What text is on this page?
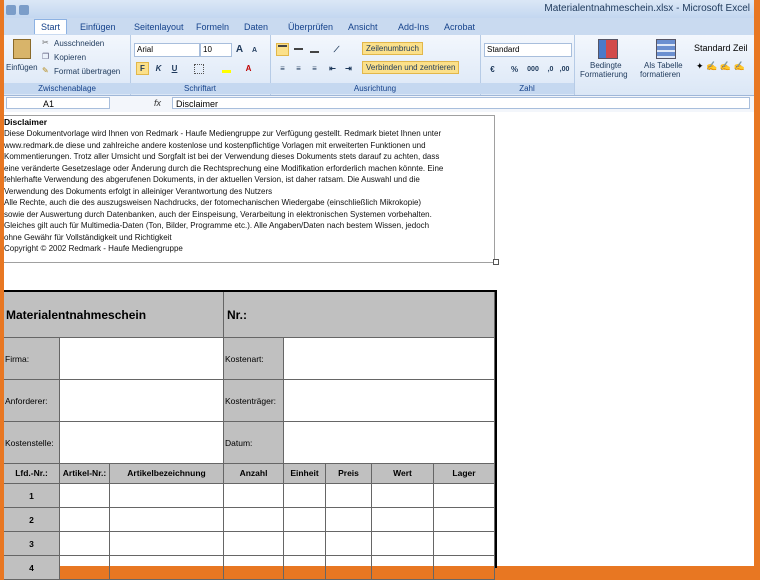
Materialentnahmeschein.xlsx - Microsoft Excel
Start	Einfügen	Seitenlayout	Formeln	Daten	Überprüfen	Ansicht	Add-Ins	Acrobat
Einfügen
✂ Ausschneiden
❐ Kopieren
✎ Format übertragen
Zwischenablage
Arial	10	A	A
F	K	U	A
Schriftart
⟋	Zeilenumbruch
≡	≡	≡	⇤	⇥	Verbinden und zentrieren
Ausrichtung
Standard
€	%	000	,0 ,00
Zahl
Bedingte
Formatierung
Als Tabelle
formatieren
Standard Zeil
✦ ✍ ✍ ✍
A1	fx	Disclaimer
Disclaimer
Diese Dokumentvorlage wird Ihnen von Redmark - Haufe Mediengruppe zur Verfügung gestellt. Redmark bietet Ihnen unter
www.redmark.de diese und zahlreiche andere kostenlose und kostenpflichtige Vorlagen mit erweiterten Funktionen und
Kommentierungen. Trotz aller Umsicht und Sorgfalt ist bei der Verwendung dieses Dokuments stets darauf zu achten, dass
eine veränderte Gesetzeslage oder Änderung durch die Rechtsprechung eine Modifikation erforderlich machen könnte. Eine
fehlerhafte Verwendung des abgerufenen Dokuments, in der aktuellen Version, ist daher ratsam. Die Auswahl und die
Verwendung des Dokuments erfolgt in alleiniger Verantwortung des Nutzers
Alle Rechte, auch die des auszugsweisen Nachdrucks, der fotomechanischen Wiedergabe (einschließlich Mikrokopie)
sowie der Auswertung durch Datenbanken, auch der Einspeisung, Verarbeitung in elektronischen Systemen vorbehalten.
Gleiches gilt auch für Multimedia-Daten (Ton, Bilder, Programme etc.). Alle Angaben/Daten nach bestem Wissen, jedoch
ohne Gewähr für Vollständigkeit und Richtigkeit
Copyright © 2002 Redmark - Haufe Mediengruppe
Materialentnahmeschein	Nr.:
Firma:	Kostenart:
Anforderer:	Kostenträger:
Kostenstelle:	Datum:
Lfd.-Nr.:	Artikel-Nr.:	Artikelbezeichnung	Anzahl	Einheit	Preis	Wert	Lager
1
2
3
4
